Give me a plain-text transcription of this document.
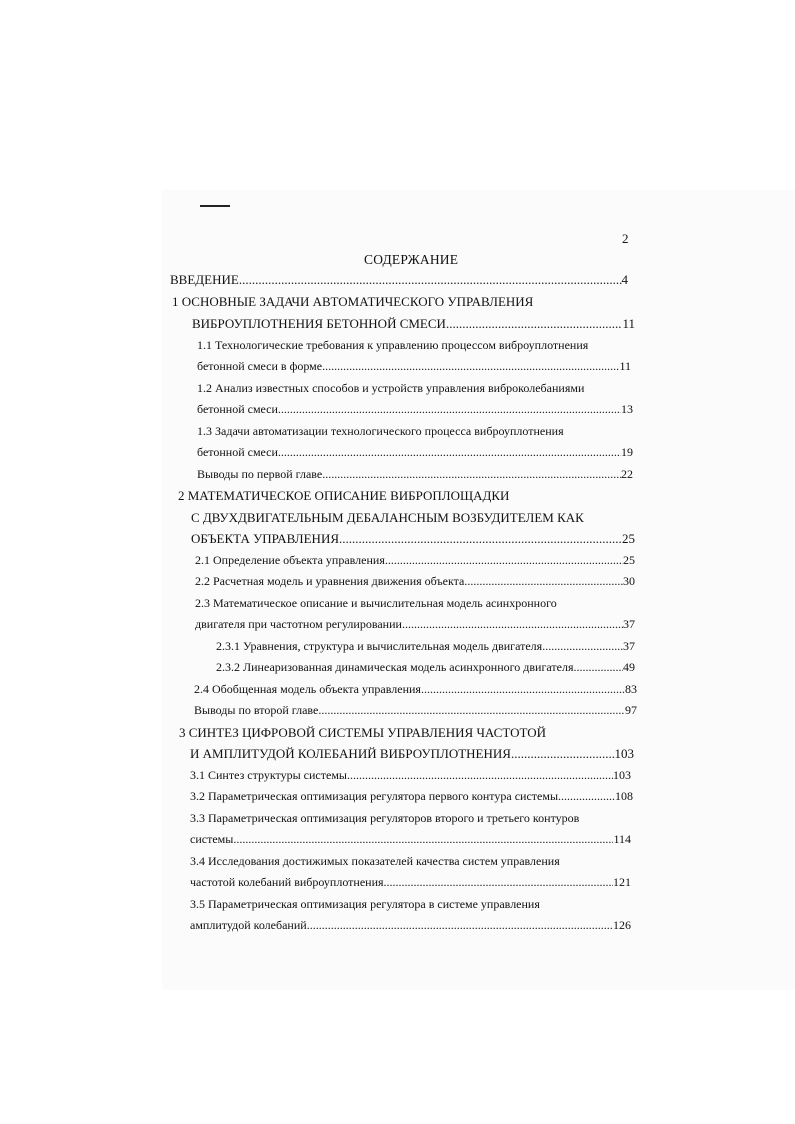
2
СОДЕРЖАНИЕ
ВВЕДЕНИЕ .....	4
1 ОСНОВНЫЕ ЗАДАЧИ АВТОМАТИЧЕСКОГО УПРАВЛЕНИЯ
ВИБРОУПЛОТНЕНИЯ БЕТОННОЙ СМЕСИ .....	11
1.1 Технологические требования к управлению процессом виброуплотнения
бетонной смеси в форме .....	11
1.2 Анализ известных способов и устройств управления виброколебаниями
бетонной смеси .....	13
1.3 Задачи автоматизации технологического процесса виброуплотнения
бетонной смеси .....	19
Выводы по первой главе .....	22
2 МАТЕМАТИЧЕСКОЕ ОПИСАНИЕ ВИБРОПЛОЩАДКИ
С ДВУХДВИГАТЕЛЬНЫМ ДЕБАЛАНСНЫМ ВОЗБУДИТЕЛЕМ КАК
ОБЪЕКТА УПРАВЛЕНИЯ .....	25
2.1 Определение объекта управления .....	25
2.2 Расчетная модель и уравнения движения объекта .....	30
2.3 Математическое описание и вычислительная модель асинхронного
двигателя при частотном регулировании .....	37
2.3.1 Уравнения, структура и вычислительная модель двигателя .....	37
2.3.2 Линеаризованная динамическая модель асинхронного двигателя .....	49
2.4 Обобщенная модель объекта управления .....	83
Выводы по второй главе .....	97
3 СИНТЕЗ ЦИФРОВОЙ СИСТЕМЫ УПРАВЛЕНИЯ ЧАСТОТОЙ
И АМПЛИТУДОЙ КОЛЕБАНИЙ ВИБРОУПЛОТНЕНИЯ .....	103
3.1 Синтез структуры системы .....	103
3.2 Параметрическая оптимизация регулятора первого контура системы .....	108
3.3 Параметрическая оптимизация регуляторов второго и третьего контуров
системы .....	114
3.4 Исследования достижимых показателей качества систем управления
частотой колебаний виброуплотнения .....	121
3.5 Параметрическая оптимизация регулятора в системе управления
амплитудой колебаний .....	126
